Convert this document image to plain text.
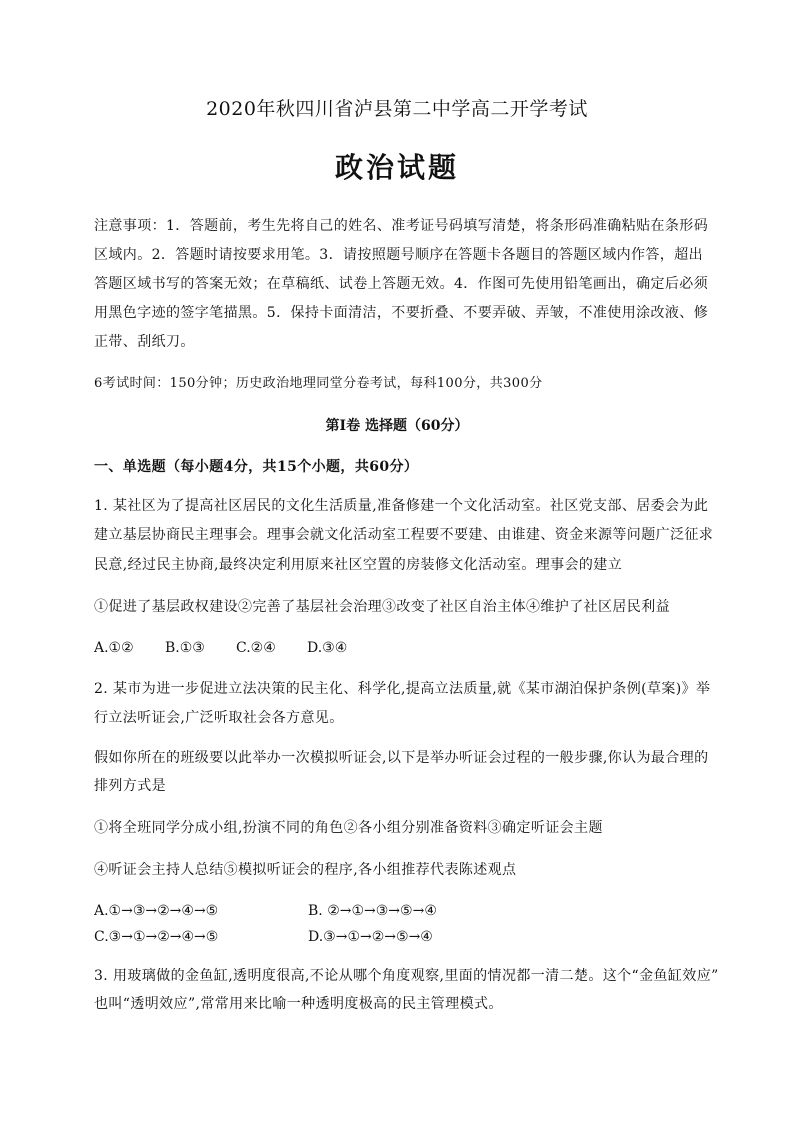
2020年秋四川省泸县第二中学高二开学考试
政治试题
注意事项：1．答题前，考生先将自己的姓名、准考证号码填写清楚，将条形码准确粘贴在条形码
区域内。2．答题时请按要求用笔。3．请按照题号顺序在答题卡各题目的答题区域内作答，超出
答题区域书写的答案无效；在草稿纸、试卷上答题无效。4．作图可先使用铅笔画出，确定后必须
用黑色字迹的签字笔描黑。5．保持卡面清洁，不要折叠、不要弄破、弄皱，不准使用涂改液、修
正带、刮纸刀。
6考试时间：150分钟；历史政治地理同堂分卷考试，每科100分，共300分
第Ⅰ卷 选择题（60分）
一、单选题（每小题4分，共15个小题，共60分）
1. 某社区为了提高社区居民的文化生活质量,准备修建一个文化活动室。社区党支部、居委会为此
建立基层协商民主理事会。理事会就文化活动室工程要不要建、由谁建、资金来源等问题广泛征求
民意,经过民主协商,最终决定利用原来社区空置的房装修文化活动室。理事会的建立
①促进了基层政权建设②完善了基层社会治理③改变了社区自治主体④维护了社区居民利益
A.①② B.①③ C.②④ D.③④
2. 某市为进一步促进立法决策的民主化、科学化,提高立法质量,就《某市湖泊保护条例(草案)》举
行立法听证会,广泛听取社会各方意见。
假如你所在的班级要以此举办一次模拟听证会,以下是举办听证会过程的一般步骤,你认为最合理的
排列方式是
①将全班同学分成小组,扮演不同的角色②各小组分别准备资料③确定听证会主题
④听证会主持人总结⑤模拟听证会的程序,各小组推荐代表陈述观点
A.①→③→②→④→⑤	B. ②→①→③→⑤→④
C.③→①→②→④→⑤	D.③→①→②→⑤→④
3. 用玻璃做的金鱼缸,透明度很高,不论从哪个角度观察,里面的情况都一清二楚。这个“金鱼缸效应”
也叫“透明效应”,常常用来比喻一种透明度极高的民主管理模式。
